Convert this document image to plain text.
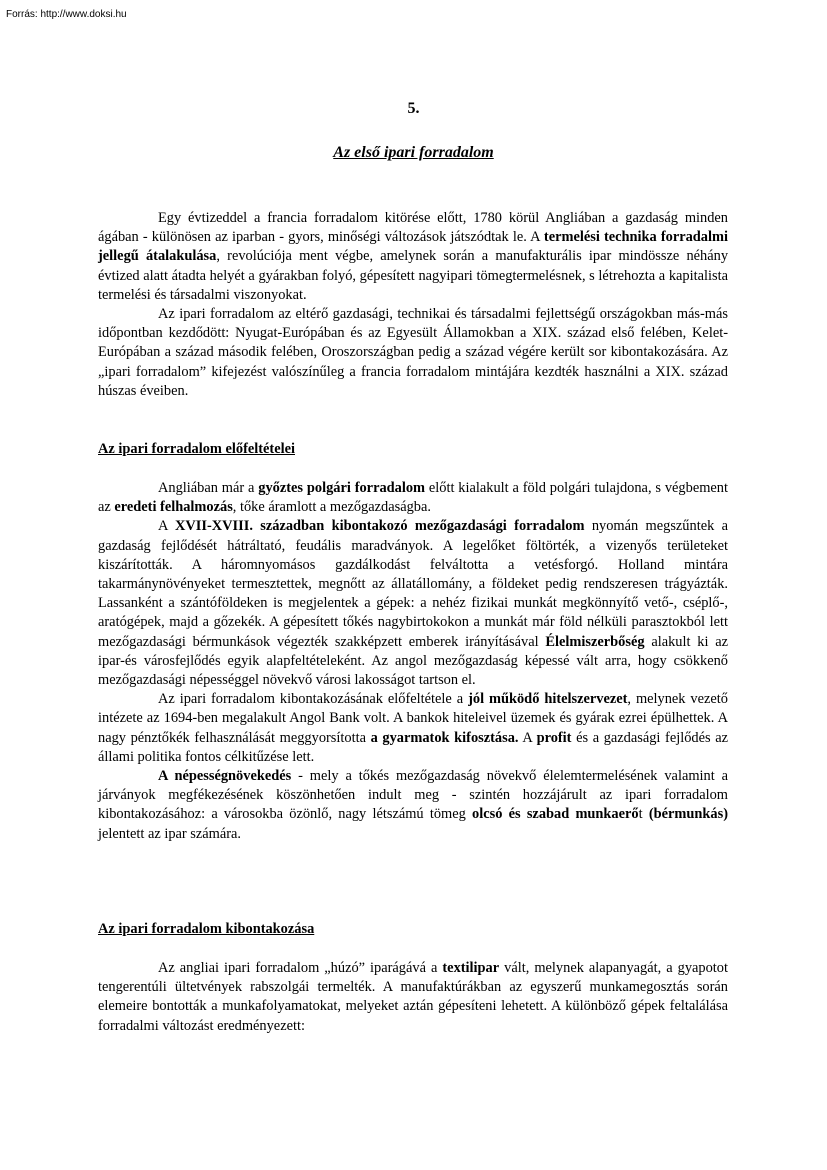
Forrás: http://www.doksi.hu
5.
Az első ipari forradalom

Egy évtizeddel a francia forradalom kitörése előtt, 1780 körül Angliában a gazdaság minden ágában - különösen az iparban - gyors, minőségi változások játszódtak le. A termelési technika forradalmi jellegű átalakulása, revolúciója ment végbe, amelynek során a manufakturális ipar mindössze néhány évtized alatt átadta helyét a gyárakban folyó, gépesített nagyipari tömegtermelésnek, s létrehozta a kapitalista termelési és társadalmi viszonyokat.

Az ipari forradalom az eltérő gazdasági, technikai és társadalmi fejlettségű országokban más-más időpontban kezdődött: Nyugat-Európában és az Egyesült Államokban a XIX. század első felében, Kelet-Európában a század második felében, Oroszországban pedig a század végére került sor kibontakozására. Az „ipari forradalom” kifejezést valószínűleg a francia forradalom mintájára kezdték használni a XIX. század húszas éveiben.

Az ipari forradalom előfeltételei

Angliában már a győztes polgári forradalom előtt kialakult a föld polgári tulajdona, s végbement az eredeti felhalmozás, tőke áramlott a mezőgazdaságba.

A XVII-XVIII. században kibontakozó mezőgazdasági forradalom nyomán megszűntek a gazdaság fejlődését hátráltató, feudális maradványok. A legelőket föltörték, a vizenyős területeket kiszárították. A háromnyomásos gazdálkodást felváltotta a vetésforgó. Holland mintára takarmánynövényeket termesztettek, megnőtt az állatállomány, a földeket pedig rendszeresen trágyázták. Lassanként a szántóföldeken is megjelentek a gépek: a nehéz fizikai munkát megkönnyítő vető-, cséplő-, aratógépek, majd a gőzekék. A gépesített tőkés nagybirtokokon a munkát már föld nélküli parasztokból lett mezőgazdasági bérmunkások végezték szakképzett emberek irányításával Élelmiszerbőség alakult ki az ipar-és városfejlődés egyik alapfeltételeként. Az angol mezőgazdaság képessé vált arra, hogy csökkenő mezőgazdasági népességgel növekvő városi lakosságot tartson el.

Az ipari forradalom kibontakozásának előfeltétele a jól működő hitelszervezet, melynek vezető intézete az 1694-ben megalakult Angol Bank volt. A bankok hiteleivel üzemek és gyárak ezrei épülhettek. A nagy pénztőkék felhasználását meggyorsította a gyarmatok kifosztása. A profit és a gazdasági fejlődés az állami politika fontos célkitűzése lett.

A népességnövekedés - mely a tőkés mezőgazdaság növekvő élelemtermelésének valamint a járványok megfékezésének köszönhetően indult meg - szintén hozzájárult az ipari forradalom kibontakozásához: a városokba özönlő, nagy létszámú tömeg olcsó és szabad munkaerőt (bérmunkás) jelentett az ipar számára.

Az ipari forradalom kibontakozása

Az angliai ipari forradalom „húzó” iparágává a textilipar vált, melynek alapanyagát, a gyapotot tengerentúli ültetvények rabszolgái termelték. A manufaktúrákban az egyszerű munkamegosztás során elemeire bontották a munkafolyamatokat, melyeket aztán gépesíteni lehetett. A különböző gépek feltalálása forradalmi változást eredményezett:
